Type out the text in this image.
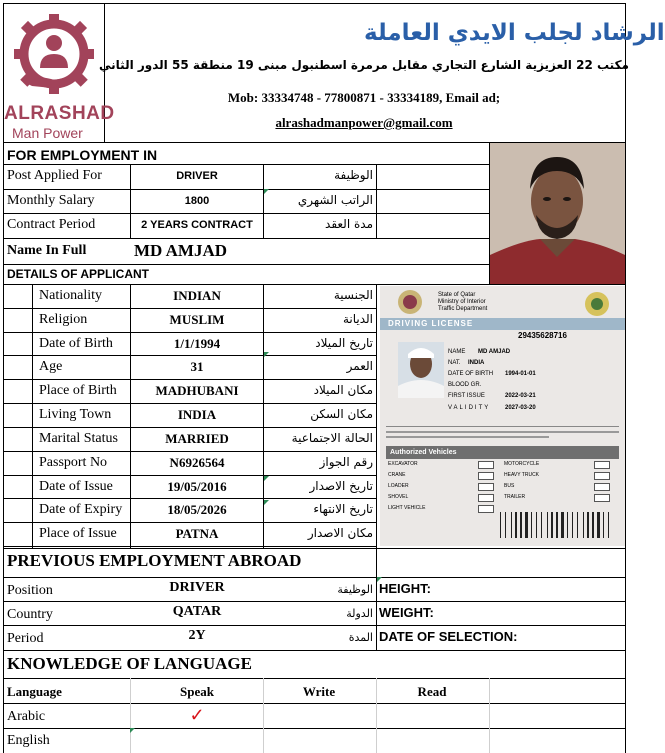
ALRASHAD
Man Power
الرشاد لجلب الايدي العاملة
مكتب 22 العزيزية الشارع التجاري مقابل مرمرة اسطنبول مبنى 19 منطقة 55 الدور الثاني
Mob: 33334748 - 77800871 - 33334189, Email ad;
alrashadmanpower@gmail.com
FOR EMPLOYMENT IN
Post Applied For	DRIVER	الوظيفة
Monthly Salary	1800	الراتب الشهري
Contract Period	2 YEARS CONTRACT	مدة العقد
Name In Full	MD AMJAD
DETAILS OF APPLICANT
Nationality	INDIAN	الجنسية
Religion	MUSLIM	الديانة
Date of Birth	1/1/1994	تاريخ الميلاد
Age	31	العمر
Place of Birth	MADHUBANI	مكان الميلاد
Living Town	INDIA	مكان السكن
Marital Status	MARRIED	الحالة الاجتماعية
Passport No	N6926564	رقم الجواز
Date of Issue	19/05/2016	تاريخ الاصدار
Date of Expiry	18/05/2026	تاريخ الانتهاء
Place of Issue	PATNA	مكان الاصدار
State of Qatar
Ministry of Interior
Traffic Department
DRIVING LICENSE
29435628716
NAME MD AMJAD
NAT. INDIA
DATE OF BIRTH 1994-01-01
BLOOD GR.
FIRST ISSUE	2022-03-21
VALIDITY 2027-03-20
Authorized Vehicles
EXCAVATOR
CRANE
LOADER
SHOVEL
LIGHT VEHICLE
MOTORCYCLE
HEAVY TRUCK
BUS
TRAILER
PREVIOUS EMPLOYMENT ABROAD
Position	DRIVER	الوظيفة HEIGHT:
Country	QATAR	الدولة WEIGHT:
Period	2Y	المدة DATE OF SELECTION:
KNOWLEDGE OF LANGUAGE
Language	Speak	Write	Read
Arabic	✓
English
